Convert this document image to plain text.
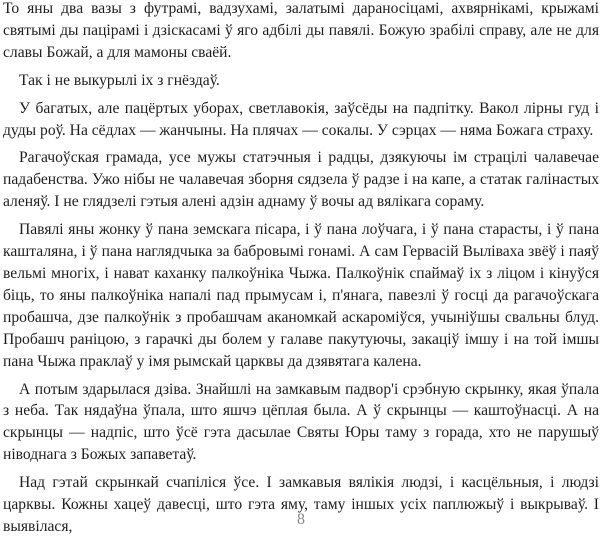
То яны два вазы з футрамі, вадзухамі, залатымі дараносіцамі, ахвярнікамі, крыжамі святымі ды пацірамі і дзіскасамі ў яго адбілі ды павялі. Божую зрабілі справу, але не для славы Божай, а для мамоны сваёй.

Так і не выкурылі іх з гнёздаў.

У багатых, але пацёртых уборах, светлавокія, заўсёды на падпітку. Вакол лірны гуд і дуды роў. На сёдлах — жанчыны. На плячах — сокалы. У сэрцах — няма Божага страху.

Рагачоўская грамада, усе мужы статэчныя і радцы, дзякуючы ім страцілі чалавечае падабенства. Ужо нібы не чалавечая зборня сядзела ў радзе і на капе, а статак галінастых аленяў. І не глядзелі гэтыя алені адзін аднаму ў вочы ад вялікага сораму.

Павялі яны жонку ў пана земскага пісара, і ў пана лоўчага, і ў пана старасты, і ў пана кашталяна, і ў пана наглядчыка за бабровымі гонамі. А сам Гервасій Выліваха звёў і паяў вельмі многіх, і нават каханку палкоўніка Чыжа. Палкоўнік спаймаў іх з ліцом і кінуўся біць, то яны палкоўніка напалі пад прымусам і, п'янага, павезлі ў госці да рагачоўскага пробашча, дзе палкоўнік з пробашчам аканомкай аскароміўся, учыніўшы свальны блуд. Пробашч раніцою, з гарачкі ды болем у галаве пакутуючы, закаціў імшу і на той імшы пана Чыжа праклаў у імя рымскай царквы да дзявятага калена.

А потым здарылася дзіва. Знайшлі на замкавым падвор'і срэбную скрынку, якая ўпала з неба. Так нядаўна ўпала, што яшчэ цёплая была. А ў скрынцы — каштоўнасці. А на скрынцы — надпіс, што ўсё гэта дасылае Святы Юры таму з горада, хто не парушыў ніводнага з Божых запаветаў.

Над гэтай скрынкай счапіліся ўсе. І замкавыя вялікія людзі, і касцёльныя, і людзі царквы. Кожны хацеў давесці, што гэта яму, таму іншых усіх паплюжыў і выкрываў. І выявілася,	8
